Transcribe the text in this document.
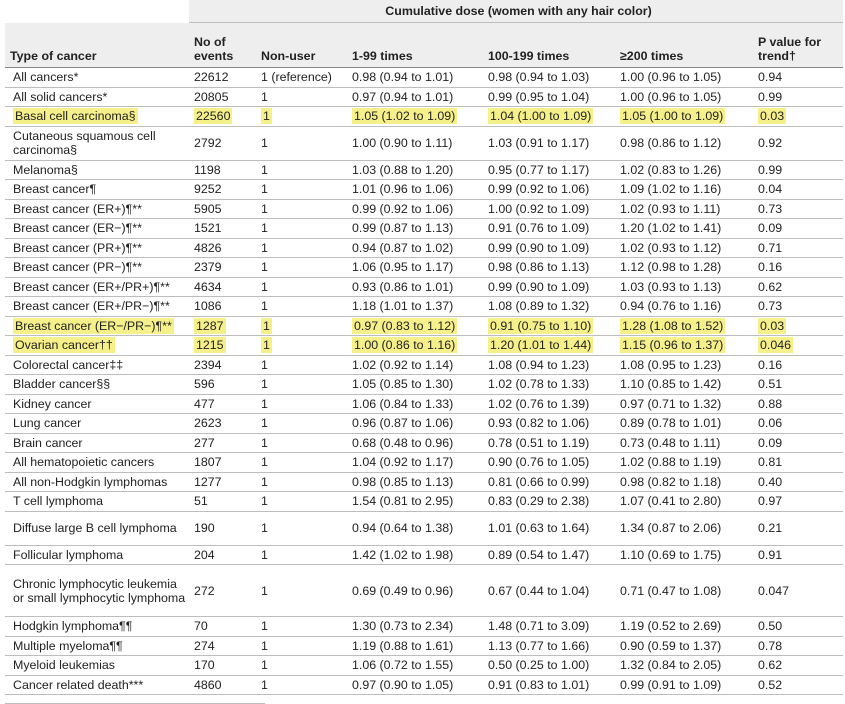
	Cumulative dose (women with any hair color)					
Type of cancer	No of events	Non-user	1-99 times	100-199 times	≥200 times	P value for trend†
All cancers*	22612	1 (reference)	0.98 (0.94 to 1.01)	0.98 (0.94 to 1.03)	1.00 (0.96 to 1.05)	0.94
All solid cancers*	20805	1	0.97 (0.94 to 1.01)	0.99 (0.95 to 1.04)	1.00 (0.96 to 1.05)	0.99
Basal cell carcinoma§	22560	1	1.05 (1.02 to 1.09)	1.04 (1.00 to 1.09)	1.05 (1.00 to 1.09)	0.03
Cutaneous squamous cell carcinoma§	2792	1	1.00 (0.90 to 1.11)	1.03 (0.91 to 1.17)	0.98 (0.86 to 1.12)	0.92
Melanoma§	1198	1	1.03 (0.88 to 1.20)	0.95 (0.77 to 1.17)	1.02 (0.83 to 1.26)	0.99
Breast cancer¶	9252	1	1.01 (0.96 to 1.06)	0.99 (0.92 to 1.06)	1.09 (1.02 to 1.16)	0.04
Breast cancer (ER+)¶**	5905	1	0.99 (0.92 to 1.06)	1.00 (0.92 to 1.09)	1.02 (0.93 to 1.11)	0.73
Breast cancer (ER−)¶**	1521	1	0.99 (0.87 to 1.13)	0.91 (0.76 to 1.09)	1.20 (1.02 to 1.41)	0.09
Breast cancer (PR+)¶**	4826	1	0.94 (0.87 to 1.02)	0.99 (0.90 to 1.09)	1.02 (0.93 to 1.12)	0.71
Breast cancer (PR−)¶**	2379	1	1.06 (0.95 to 1.17)	0.98 (0.86 to 1.13)	1.12 (0.98 to 1.28)	0.16
Breast cancer (ER+/PR+)¶**	4634	1	0.93 (0.86 to 1.01)	0.99 (0.90 to 1.09)	1.03 (0.93 to 1.13)	0.62
Breast cancer (ER+/PR−)¶**	1086	1	1.18 (1.01 to 1.37)	1.08 (0.89 to 1.32)	0.94 (0.76 to 1.16)	0.73
Breast cancer (ER−/PR−)¶**	1287	1	0.97 (0.83 to 1.12)	0.91 (0.75 to 1.10)	1.28 (1.08 to 1.52)	0.03
Ovarian cancer††	1215	1	1.00 (0.86 to 1.16)	1.20 (1.01 to 1.44)	1.15 (0.96 to 1.37)	0.046
Colorectal cancer‡‡	2394	1	1.02 (0.92 to 1.14)	1.08 (0.94 to 1.23)	1.08 (0.95 to 1.23)	0.16
Bladder cancer§§	596	1	1.05 (0.85 to 1.30)	1.02 (0.78 to 1.33)	1.10 (0.85 to 1.42)	0.51
Kidney cancer	477	1	1.06 (0.84 to 1.33)	1.02 (0.76 to 1.39)	0.97 (0.71 to 1.32)	0.88
Lung cancer	2623	1	0.96 (0.87 to 1.06)	0.93 (0.82 to 1.06)	0.89 (0.78 to 1.01)	0.06
Brain cancer	277	1	0.68 (0.48 to 0.96)	0.78 (0.51 to 1.19)	0.73 (0.48 to 1.11)	0.09
All hematopoietic cancers	1807	1	1.04 (0.92 to 1.17)	0.90 (0.76 to 1.05)	1.02 (0.88 to 1.19)	0.81
All non-Hodgkin lymphomas	1277	1	0.98 (0.85 to 1.13)	0.81 (0.66 to 0.99)	0.98 (0.82 to 1.18)	0.40
T cell lymphoma	51	1	1.54 (0.81 to 2.95)	0.83 (0.29 to 2.38)	1.07 (0.41 to 2.80)	0.97
Diffuse large B cell lymphoma	190	1	0.94 (0.64 to 1.38)	1.01 (0.63 to 1.64)	1.34 (0.87 to 2.06)	0.21
Follicular lymphoma	204	1	1.42 (1.02 to 1.98)	0.89 (0.54 to 1.47)	1.10 (0.69 to 1.75)	0.91
Chronic lymphocytic leukemia or small lymphocytic lymphoma	272	1	0.69 (0.49 to 0.96)	0.67 (0.44 to 1.04)	0.71 (0.47 to 1.08)	0.047
Hodgkin lymphoma¶¶	70	1	1.30 (0.73 to 2.34)	1.48 (0.71 to 3.09)	1.19 (0.52 to 2.69)	0.50
Multiple myeloma¶¶	274	1	1.19 (0.88 to 1.61)	1.13 (0.77 to 1.66)	0.90 (0.59 to 1.37)	0.78
Myeloid leukemias	170	1	1.06 (0.72 to 1.55)	0.50 (0.25 to 1.00)	1.32 (0.84 to 2.05)	0.62
Cancer related death***	4860	1	0.97 (0.90 to 1.05)	0.91 (0.83 to 1.01)	0.99 (0.91 to 1.09)	0.52
